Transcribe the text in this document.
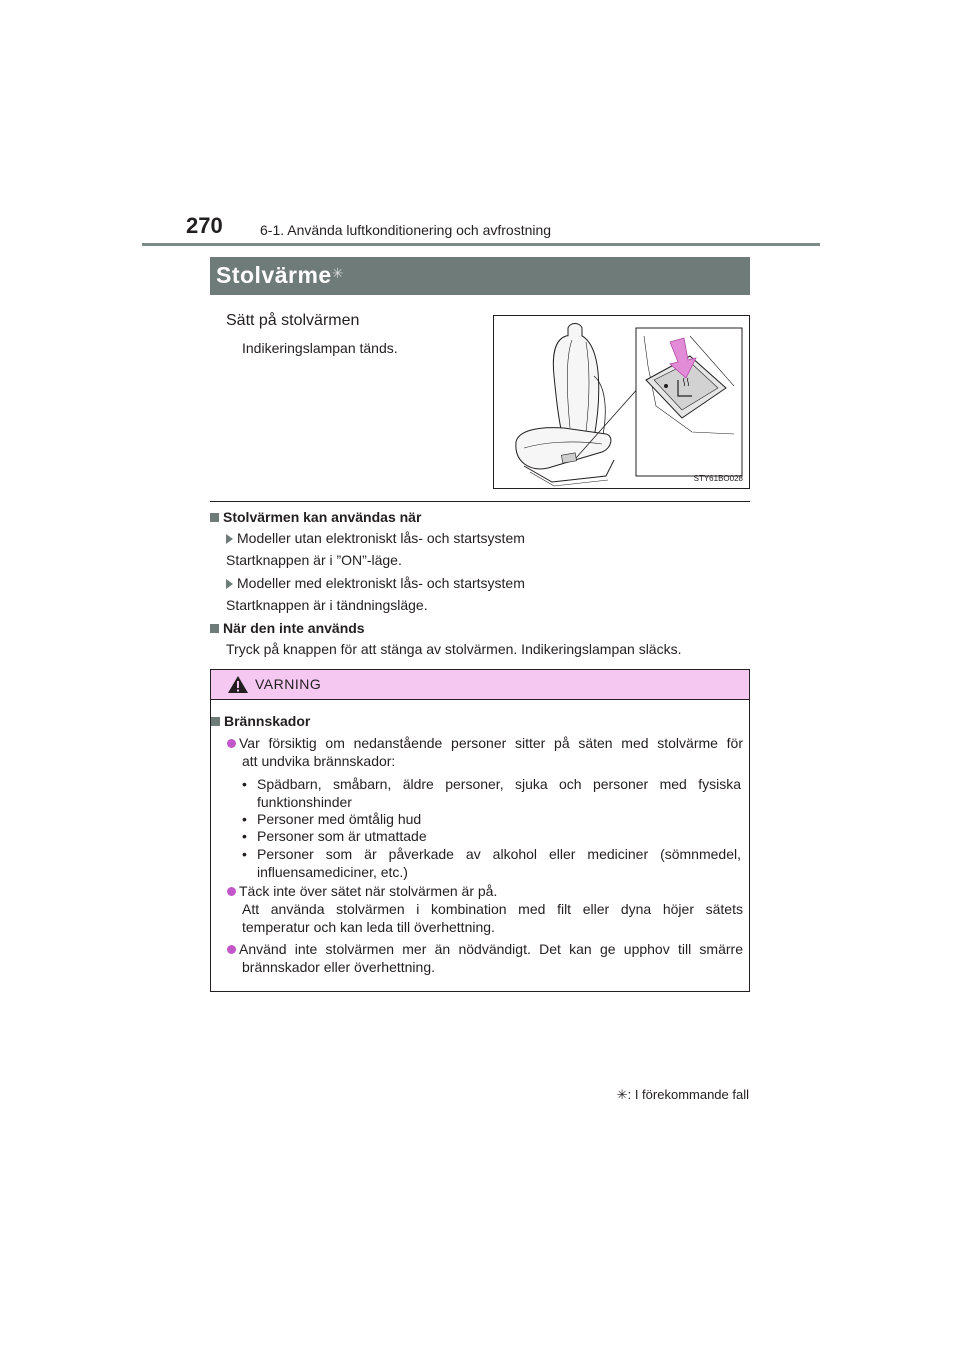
270	6-1. Använda luftkonditionering och avfrostning
Stolvärme ✳
Sätt på stolvärmen
Indikeringslampan tänds.
STY61BO028
Stolvärmen kan användas när
Modeller utan elektroniskt lås- och startsystem
Startknappen är i ”ON”-läge.
Modeller med elektroniskt lås- och startsystem
Startknappen är i tändningsläge.
När den inte används
Tryck på knappen för att stänga av stolvärmen. Indikeringslampan släcks.
VARNING
Brännskador
Var försiktig om nedanstående personer sitter på säten med stolvärme för
att undvika brännskador:
• Spädbarn, småbarn, äldre personer, sjuka och personer med fysiska
funktionshinder
• Personer med ömtålig hud
• Personer som är utmattade
• Personer som är påverkade av alkohol eller mediciner (sömnmedel,
influensamediciner, etc.)
Täck inte över sätet när stolvärmen är på.
Att använda stolvärmen i kombination med filt eller dyna höjer sätets
temperatur och kan leda till överhettning.
Använd inte stolvärmen mer än nödvändigt. Det kan ge upphov till smärre
brännskador eller överhettning.
✳: I förekommande fall
